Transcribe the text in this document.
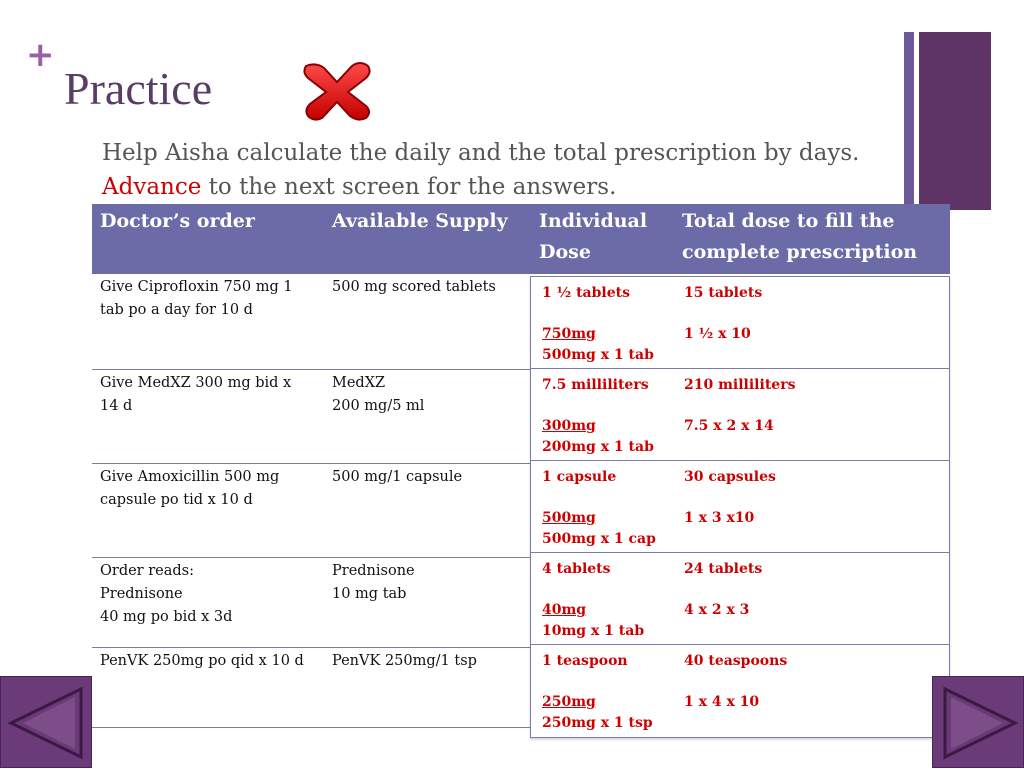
+
Practice

Help Aisha calculate the daily and the total prescription by days. Advance to the next screen for the answers.

Doctor’s order	Available Supply Individual
Dose
Total dose to fill the
complete prescription
Give Ciprofloxin 750 mg 1
tab po a day for 10 d
500 mg scored tablets
Give MedXZ 300 mg bid x
14 d
MedXZ
200 mg/5 ml
Give Amoxicillin 500 mg
capsule po tid x 10 d
500 mg/1 capsule
Order reads:
Prednisone
40 mg po bid x 3d
Prednisone
10 mg tab
PenVK 250mg po qid x 10 d	PenVK 250mg/1 tsp
1 ½ tablets
750mg
500mg x 1 tab
15 tablets
1 ½ x 10
7.5 milliliters
300mg
200mg x 1 tab
210 milliliters
7.5 x 2 x 14
1 capsule
500mg
500mg x 1 cap
30 capsules
1 x 3 x10
4 tablets
40mg
10mg x 1 tab
24 tablets
4 x 2 x 3
1 teaspoon
250mg
250mg x 1 tsp
40 teaspoons
1 x 4 x 10
